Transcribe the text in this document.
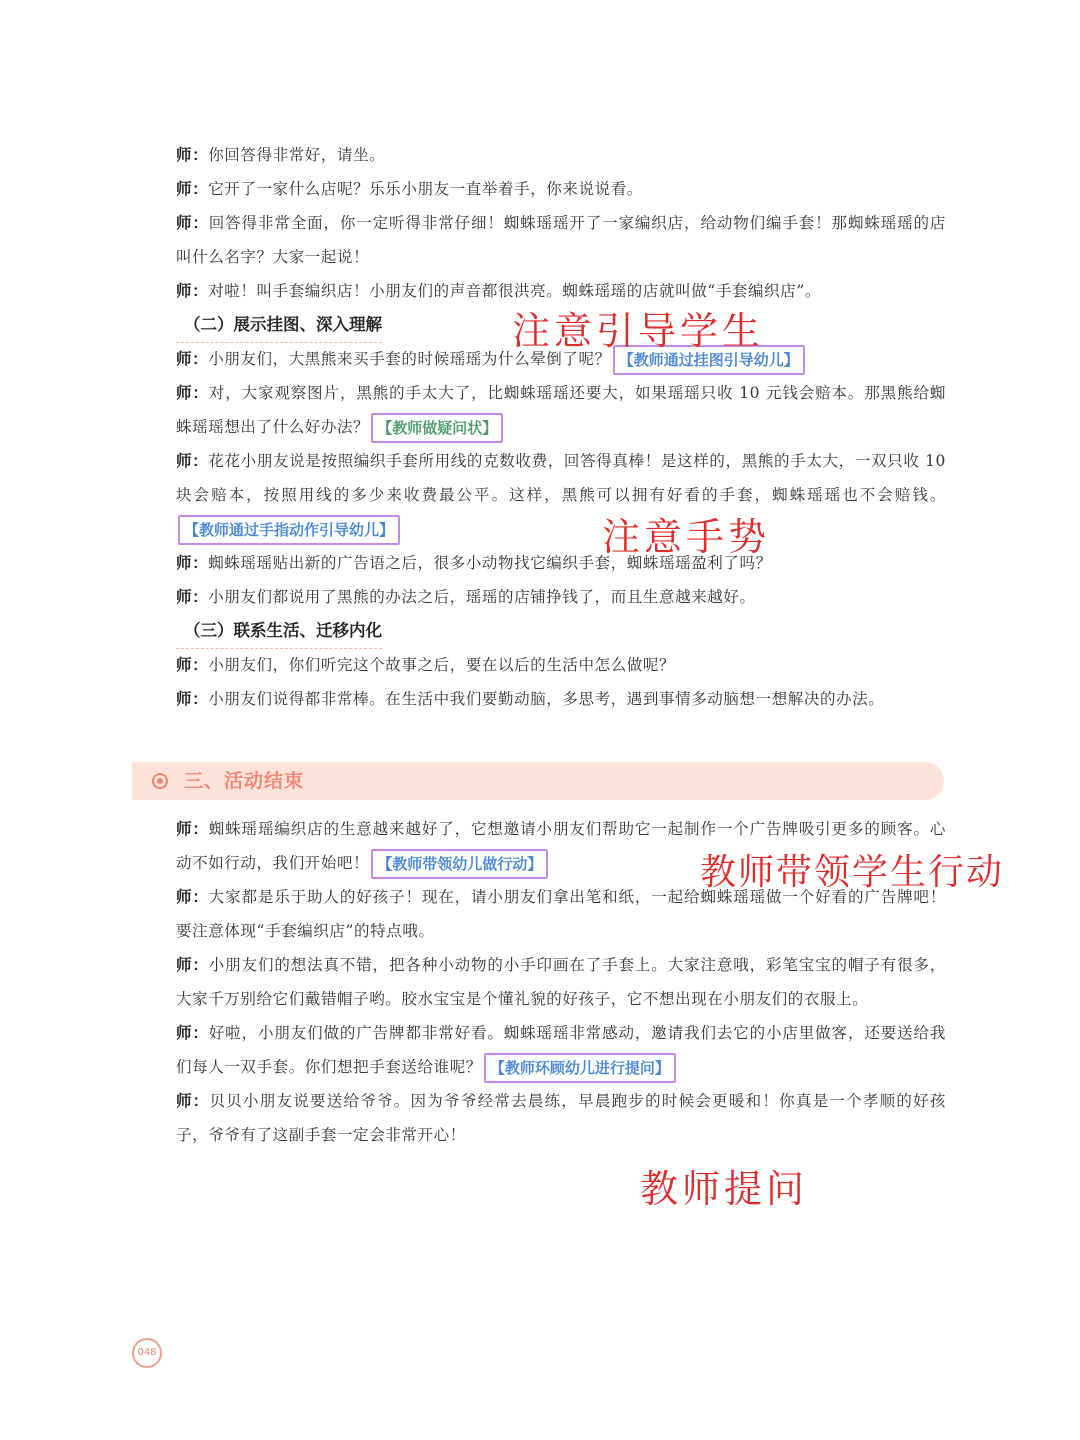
师：你回答得非常好，请坐。

师：它开了一家什么店呢？乐乐小朋友一直举着手，你来说说看。

师：回答得非常全面，你一定听得非常仔细！蜘蛛瑶瑶开了一家编织店，给动物们编手套！那蜘蛛瑶瑶的店叫什么名字？大家一起说！

师：对啦！叫手套编织店！小朋友们的声音都很洪亮。蜘蛛瑶瑶的店就叫做“手套编织店”。

（二）展示挂图、深入理解

师：小朋友们，大黑熊来买手套的时候瑶瑶为什么晕倒了呢？ 【教师通过挂图引导幼儿】

师：对，大家观察图片，黑熊的手太大了，比蜘蛛瑶瑶还要大，如果瑶瑶只收 10 元钱会赔本。那黑熊给蜘蛛瑶瑶想出了什么好办法？ 【教师做疑问状】

师：花花小朋友说是按照编织手套所用线的克数收费，回答得真棒！是这样的，黑熊的手太大，一双只收 10 块会赔本，按照用线的多少来收费最公平。这样，黑熊可以拥有好看的手套，蜘蛛瑶瑶也不会赔钱。【教师通过手指动作引导幼儿】

师：蜘蛛瑶瑶贴出新的广告语之后，很多小动物找它编织手套，蜘蛛瑶瑶盈利了吗？

师：小朋友们都说用了黑熊的办法之后，瑶瑶的店铺挣钱了，而且生意越来越好。

（三）联系生活、迁移内化

师：小朋友们，你们听完这个故事之后，要在以后的生活中怎么做呢？

师：小朋友们说得都非常棒。在生活中我们要勤动脑，多思考，遇到事情多动脑想一想解决的办法。

三、活动结束

师：蜘蛛瑶瑶编织店的生意越来越好了，它想邀请小朋友们帮助它一起制作一个广告牌吸引更多的顾客。心动不如行动，我们开始吧！ 【教师带领幼儿做行动】

师：大家都是乐于助人的好孩子！现在，请小朋友们拿出笔和纸，一起给蜘蛛瑶瑶做一个好看的广告牌吧！要注意体现“手套编织店”的特点哦。

师：小朋友们的想法真不错，把各种小动物的小手印画在了手套上。大家注意哦，彩笔宝宝的帽子有很多，大家千万别给它们戴错帽子哟。胶水宝宝是个懂礼貌的好孩子，它不想出现在小朋友们的衣服上。

师：好啦，小朋友们做的广告牌都非常好看。蜘蛛瑶瑶非常感动，邀请我们去它的小店里做客，还要送给我们每人一双手套。你们想把手套送给谁呢？ 【教师环顾幼儿进行提问】

师：贝贝小朋友说要送给爷爷。因为爷爷经常去晨练，早晨跑步的时候会更暖和！你真是一个孝顺的好孩子，爷爷有了这副手套一定会非常开心！

注意引导学生
注意手势
教师带领学生行动
教师提问
048
